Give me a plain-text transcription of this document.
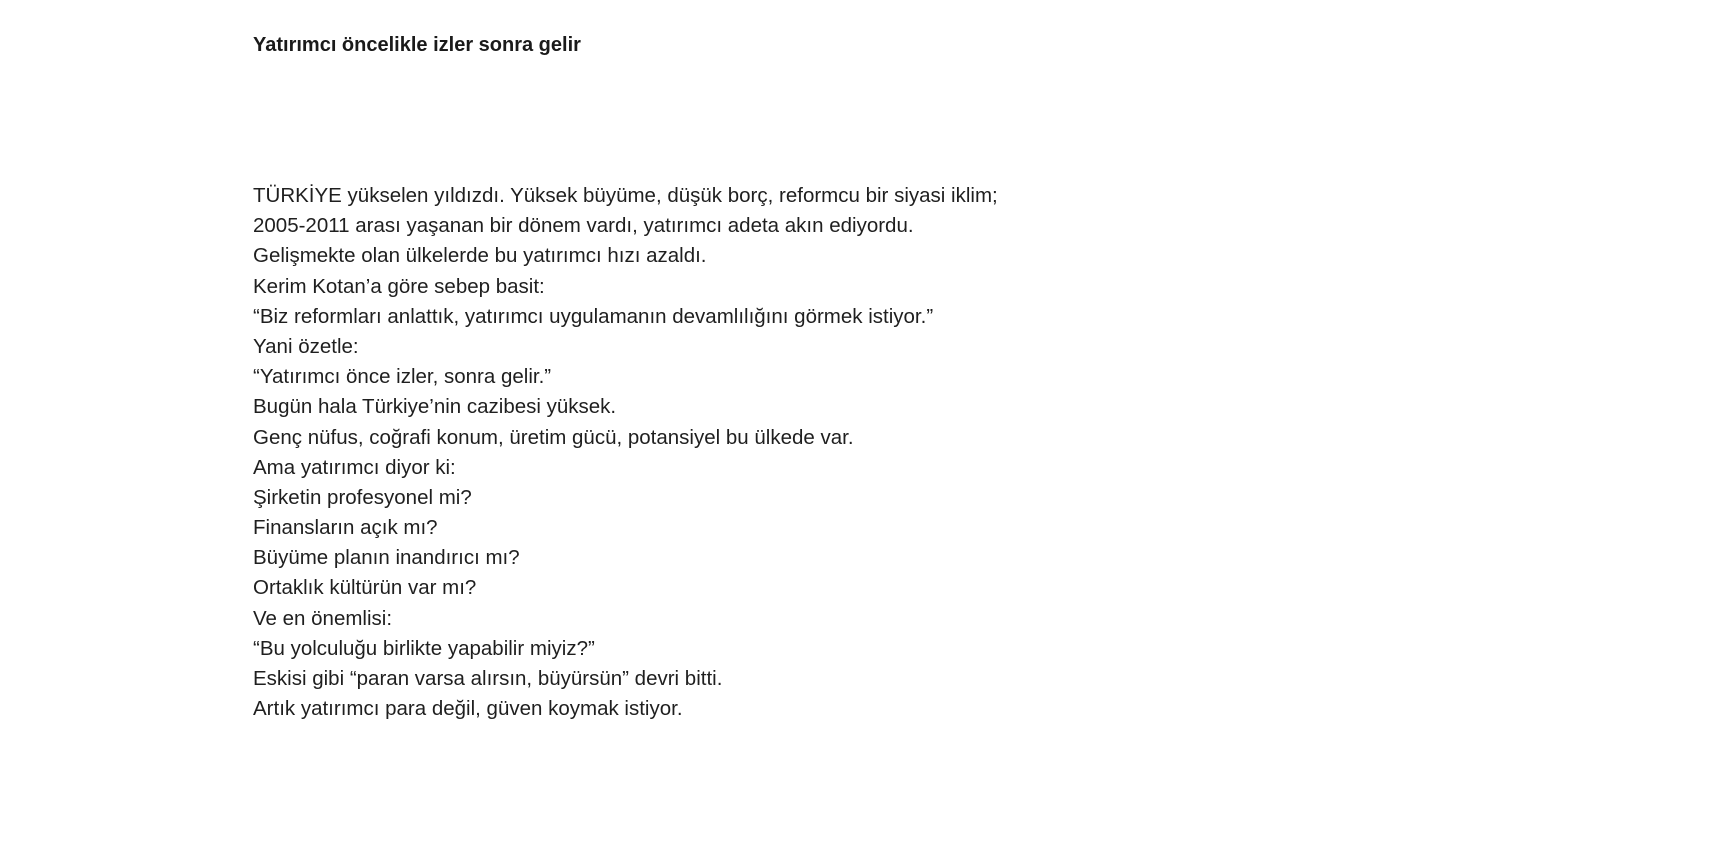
Yatırımcı öncelikle izler sonra gelir
TÜRKİYE yükselen yıldızdı. Yüksek büyüme, düşük borç, reformcu bir siyasi iklim;
2005-2011 arası yaşanan bir dönem vardı, yatırımcı adeta akın ediyordu.
Gelişmekte olan ülkelerde bu yatırımcı hızı azaldı.
Kerim Kotan’a göre sebep basit:
“Biz reformları anlattık, yatırımcı uygulamanın devamlılığını görmek istiyor.”
Yani özetle:
“Yatırımcı önce izler, sonra gelir.”
Bugün hala Türkiye’nin cazibesi yüksek.
Genç nüfus, coğrafi konum, üretim gücü, potansiyel bu ülkede var.
Ama yatırımcı diyor ki:
Şirketin profesyonel mi?
Finansların açık mı?
Büyüme planın inandırıcı mı?
Ortaklık kültürün var mı?
Ve en önemlisi:
“Bu yolculuğu birlikte yapabilir miyiz?”
Eskisi gibi “paran varsa alırsın, büyürsün” devri bitti.
Artık yatırımcı para değil, güven koymak istiyor.
